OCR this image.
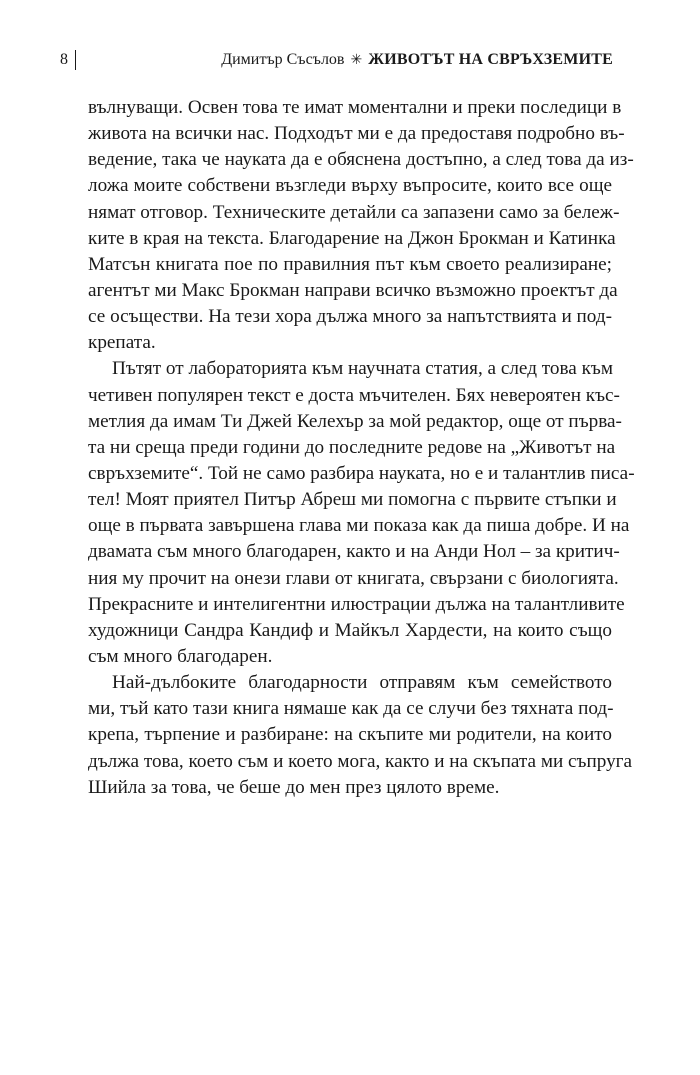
8	Димитър Съсълов ✳ ЖИВОТЪТ НА СВРЪХЗЕМИТЕ
вълнуващи. Освен това те имат моментални и преки последици в
живота на всички нас. Подходът ми е да предоставя подробно въ-
ведение, така че науката да е обяснена достъпно, а след това да из-
ложа моите собствени възгледи върху въпросите, които все още
нямат отговор. Техническите детайли са запазени само за бележ-
ките в края на текста. Благодарение на Джон Брокман и Катинка
Матсън книгата пое по правилния път към своето реализиране;
агентът ми Макс Брокман направи всичко възможно проектът да
се осъществи. На тези хора дължа много за напътствията и под-
крепата.
Пътят от лабораторията към научната статия, а след това към
четивен популярен текст е доста мъчителен. Бях невероятен къс-
метлия да имам Ти Джей Келехър за мой редактор, още от първа-
та ни среща преди години до последните редове на „Животът на
свръхземите“. Той не само разбира науката, но е и талантлив писа-
тел! Моят приятел Питър Абреш ми помогна с първите стъпки и
още в първата завършена глава ми показа как да пиша добре. И на
двамата съм много благодарен, както и на Анди Нол – за критич-
ния му прочит на онези глави от книгата, свързани с биологията.
Прекрасните и интелигентни илюстрации дължа на талантливите
художници Сандра Кандиф и Майкъл Хардести, на които също
съм много благодарен.
Най-дълбоките благодарности отправям към семейството
ми, тъй като тази книга нямаше как да се случи без тяхната под-
крепа, търпение и разбиране: на скъпите ми родители, на които
дължа това, което съм и което мога, както и на скъпата ми съпруга
Шийла за това, че беше до мен през цялото време.
